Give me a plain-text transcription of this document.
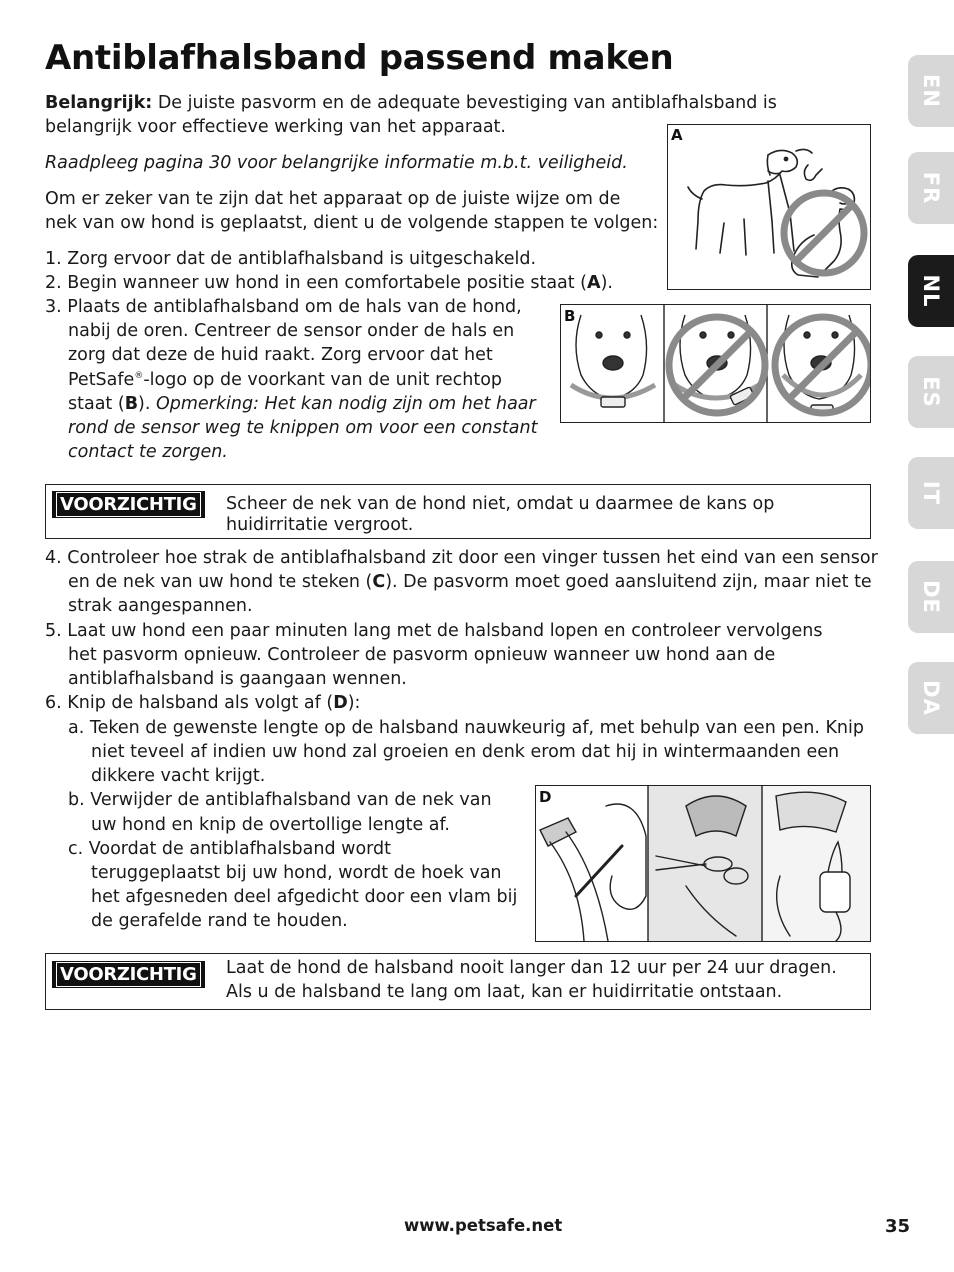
Antiblafhalsband passend maken
Belangrijk: De juiste pasvorm en de adequate bevestiging van antiblafhalsband is
belangrijk voor effectieve werking van het apparaat.
Raadpleeg pagina 30 voor belangrijke informatie m.b.t. veiligheid.
Om er zeker van te zijn dat het apparaat op de juiste wijze om de
nek van ow hond is geplaatst, dient u de volgende stappen te volgen:
1. Zorg ervoor dat de antiblafhalsband is uitgeschakeld.
2. Begin wanneer uw hond in een comfortabele positie staat (A).
3. Plaats de antiblafhalsband om de hals van de hond,
nabij de oren. Centreer de sensor onder de hals en
zorg dat deze de huid raakt. Zorg ervoor dat het
PetSafe®-logo op de voorkant van de unit rechtop
staat (B). Opmerking: Het kan nodig zijn om het haar
rond de sensor weg te knippen om voor een constant
contact te zorgen.
VOORZICHTIG	Scheer de nek van de hond niet, omdat u daarmee de kans op
huidirritatie vergroot.
4. Controleer hoe strak de antiblafhalsband zit door een vinger tussen het eind van een sensor
en de nek van uw hond te steken (C). De pasvorm moet goed aansluitend zijn, maar niet te
strak aangespannen.
5. Laat uw hond een paar minuten lang met de halsband lopen en controleer vervolgens
het pasvorm opnieuw. Controleer de pasvorm opnieuw wanneer uw hond aan de
antiblafhalsband is gaangaan wennen.
6. Knip de halsband als volgt af (D):
a. Teken de gewenste lengte op de halsband nauwkeurig af, met behulp van een pen. Knip
niet teveel af indien uw hond zal groeien en denk erom dat hij in wintermaanden een
dikkere vacht krijgt.
b. Verwijder de antiblafhalsband van de nek van
uw hond en knip de overtollige lengte af.
c. Voordat de antiblafhalsband wordt
teruggeplaatst bij uw hond, wordt de hoek van
het afgesneden deel afgedicht door een vlam bij
de gerafelde rand te houden.
VOORZICHTIG	Laat de hond de halsband nooit langer dan 12 uur per 24 uur dragen.
Als u de halsband te lang om laat, kan er huidirritatie ontstaan.
A
B
D
EN
FR
NL
ES
IT
DE
DA
www.petsafe.net	35
